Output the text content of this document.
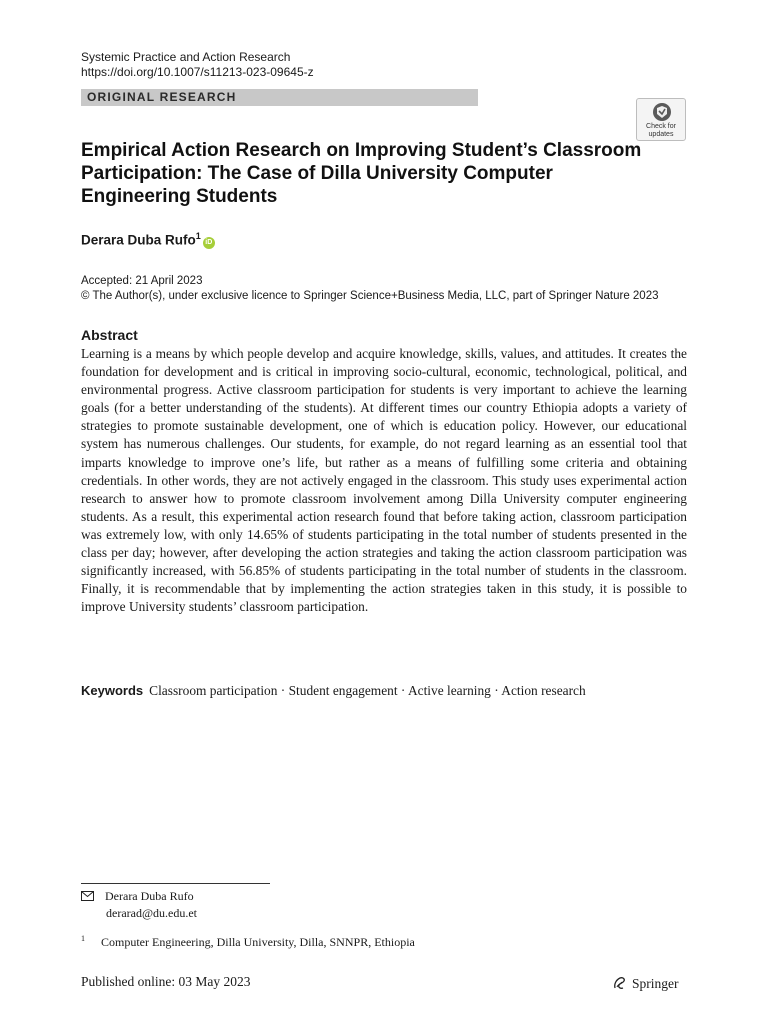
Systemic Practice and Action Research
https://doi.org/10.1007/s11213-023-09645-z
ORIGINAL RESEARCH
Check for updates
Empirical Action Research on Improving Student’s Classroom Participation: The Case of Dilla University Computer Engineering Students
Derara Duba Rufo$^1$iD
Accepted: 21 April 2023
© The Author(s), under exclusive licence to Springer Science+Business Media, LLC, part of Springer Nature 2023
Abstract

Learning is a means by which people develop and acquire knowledge, skills, values, and attitudes. It creates the foundation for development and is critical in improving socio-cultural, economic, technological, political, and environmental progress. Active classroom participation for students is very important to achieve the learning goals (for a better understanding of the students). At different times our country Ethiopia adopts a variety of strategies to promote sustainable development, one of which is education policy. However, our educational system has numerous challenges. Our students, for example, do not regard learning as an essential tool that imparts knowledge to improve one’s life, but rather as a means of fulfilling some criteria and obtaining credentials. In other words, they are not actively engaged in the classroom. This study uses experimental action research to answer how to promote classroom involvement among Dilla University computer engineering students. As a result, this experimental action research found that before taking action, classroom participation was extremely low, with only 14.65% of students participating in the total number of students presented in the class per day; however, after developing the action strategies and taking the action classroom participation was significantly increased, with 56.85% of students participating in the total number of students in the classroom. Finally, it is recommendable that by implementing the action strategies taken in this study, it is possible to improve University students’ classroom participation.

Keywords Classroom participation · Student engagement · Active learning · Action research

Derara Duba Rufo
derarad@du.edu.et
$^1$ Computer Engineering, Dilla University, Dilla, SNNPR, Ethiopia
Published online: 03 May 2023	Springer
